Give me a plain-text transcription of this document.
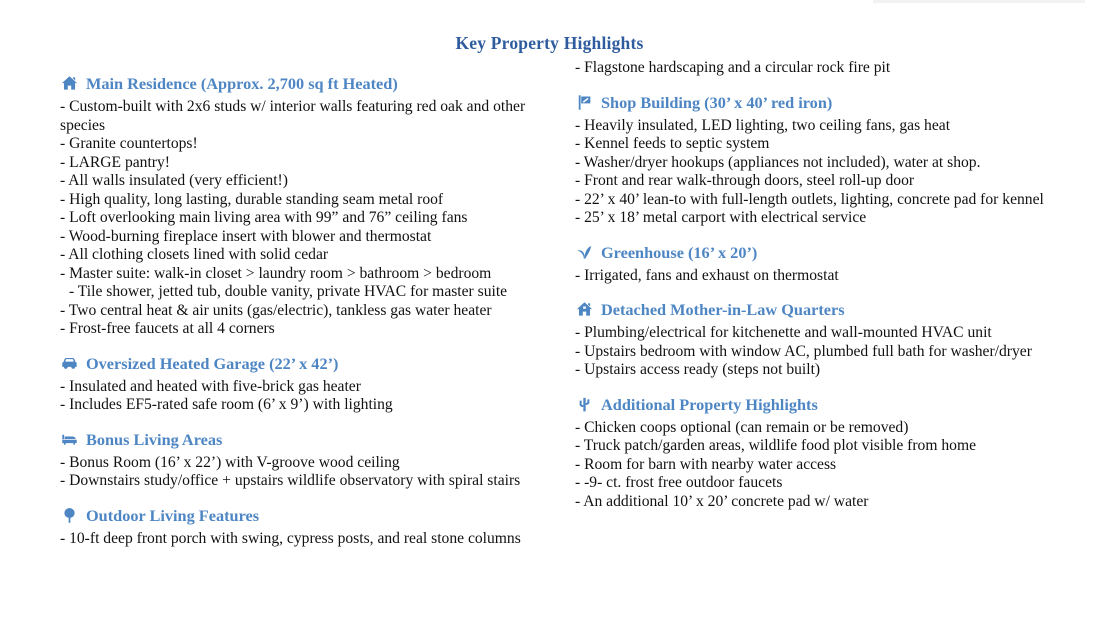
Key Property Highlights
Main Residence (Approx. 2,700 sq ft Heated)
- Custom-built with 2x6 studs w/ interior walls featuring red oak and other species
- Granite countertops!
- LARGE pantry!
- All walls insulated (very efficient!)
- High quality, long lasting, durable standing seam metal roof
- Loft overlooking main living area with 99” and 76” ceiling fans
- Wood-burning fireplace insert with blower and thermostat
- All clothing closets lined with solid cedar
- Master suite: walk-in closet > laundry room > bathroom > bedroom
- Tile shower, jetted tub, double vanity, private HVAC for master suite
- Two central heat & air units (gas/electric), tankless gas water heater
- Frost-free faucets at all 4 corners
Oversized Heated Garage (22’ x 42’)
- Insulated and heated with five-brick gas heater
- Includes EF5-rated safe room (6’ x 9’) with lighting
Bonus Living Areas
- Bonus Room (16’ x 22’) with V-groove wood ceiling
- Downstairs study/office + upstairs wildlife observatory with spiral stairs
Outdoor Living Features
- 10-ft deep front porch with swing, cypress posts, and real stone columns
- Flagstone hardscaping and a circular rock fire pit
Shop Building (30’ x 40’ red iron)
- Heavily insulated, LED lighting, two ceiling fans, gas heat
- Kennel feeds to septic system
- Washer/dryer hookups (appliances not included), water at shop.
- Front and rear walk-through doors, steel roll-up door
- 22’ x 40’ lean-to with full-length outlets, lighting, concrete pad for kennel
- 25’ x 18’ metal carport with electrical service
Greenhouse (16’ x 20’)
- Irrigated, fans and exhaust on thermostat
Detached Mother-in-Law Quarters
- Plumbing/electrical for kitchenette and wall-mounted HVAC unit
- Upstairs bedroom with window AC, plumbed full bath for washer/dryer
- Upstairs access ready (steps not built)
Additional Property Highlights
- Chicken coops optional (can remain or be removed)
- Truck patch/garden areas, wildlife food plot visible from home
- Room for barn with nearby water access
- -9- ct. frost free outdoor faucets
- An additional 10’ x 20’ concrete pad w/ water
